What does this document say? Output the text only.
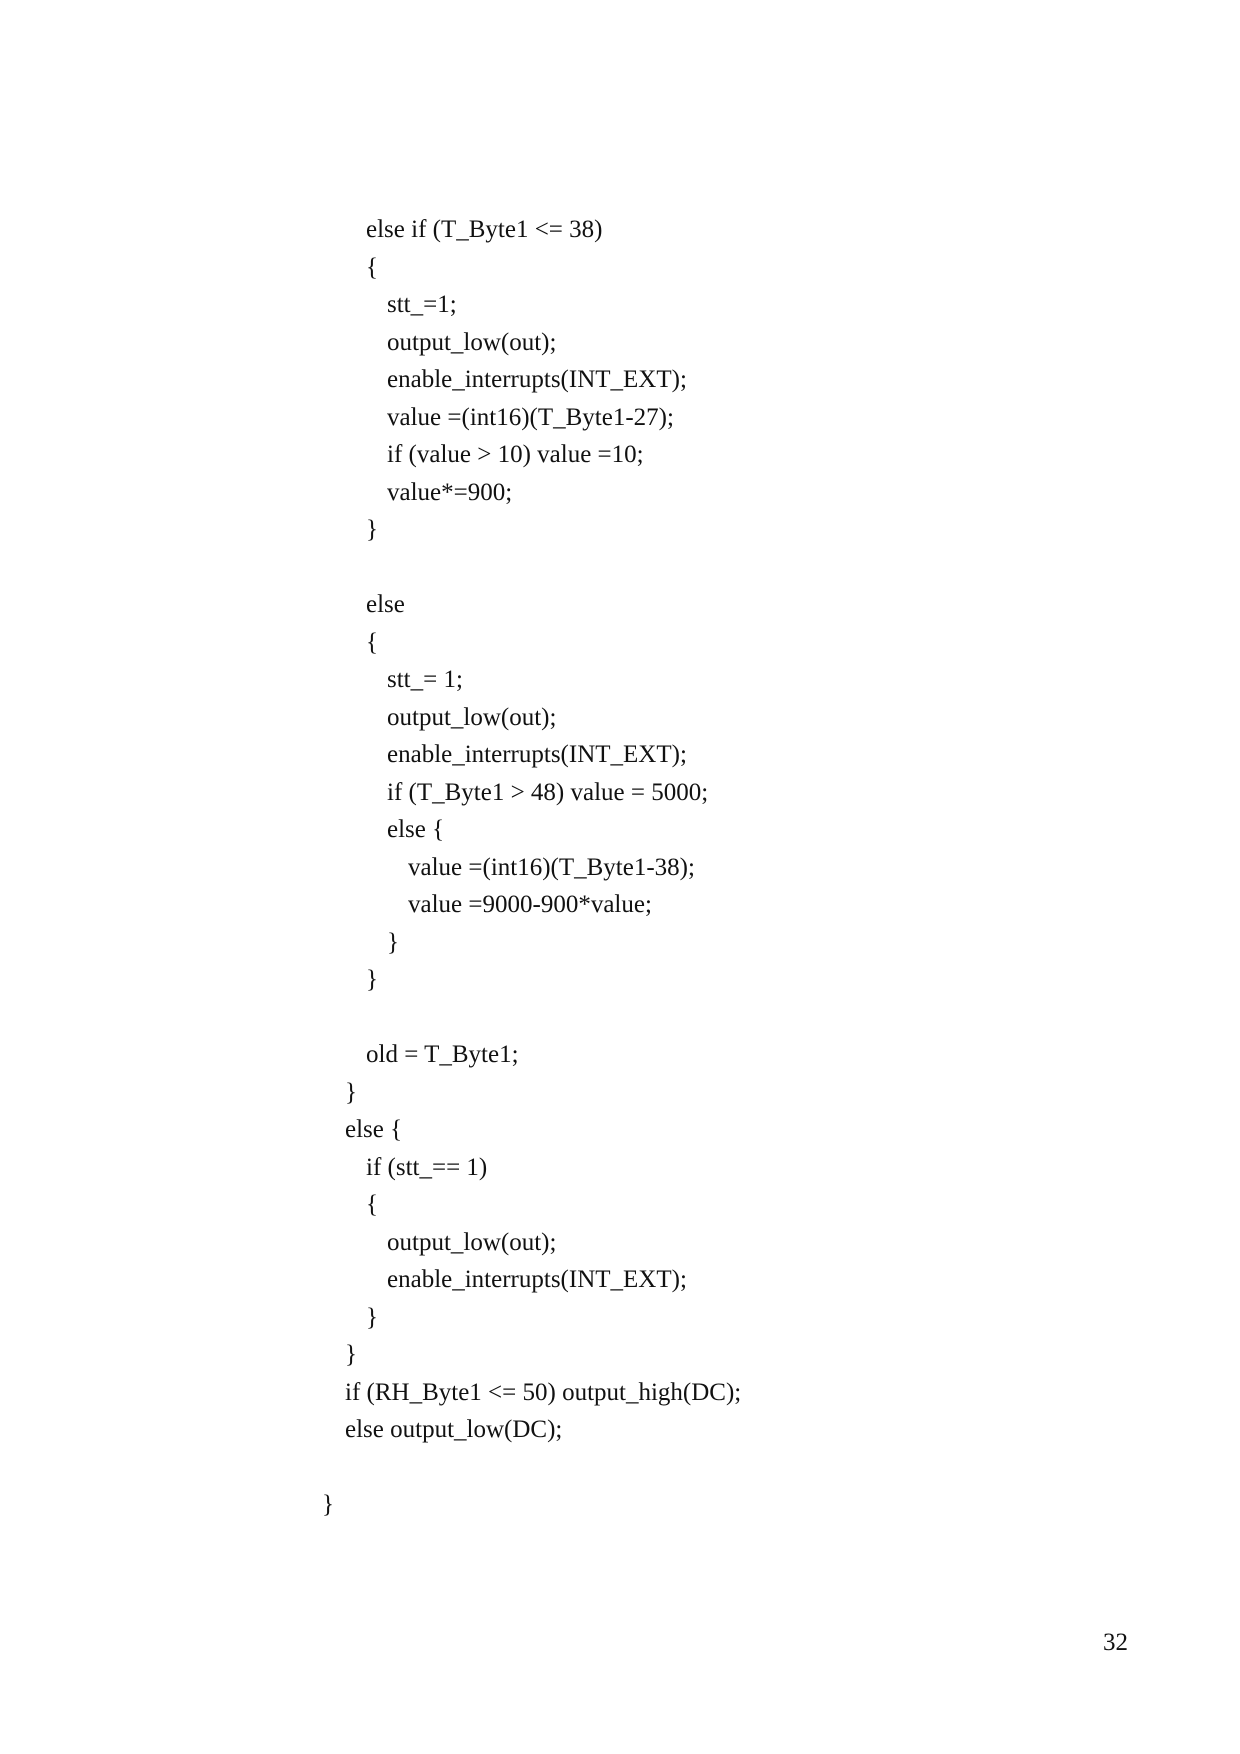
else if (T_Byte1 <= 38)
{
stt_=1;
output_low(out);
enable_interrupts(INT_EXT);
value =(int16)(T_Byte1-27);
if (value > 10) value =10;
value*=900;
}
else
{
stt_= 1;
output_low(out);
enable_interrupts(INT_EXT);
if (T_Byte1 > 48) value = 5000;
else {
value =(int16)(T_Byte1-38);
value =9000-900*value;
}
}
old = T_Byte1;
}
else {
if (stt_== 1)
{
output_low(out);
enable_interrupts(INT_EXT);
}
}
if (RH_Byte1 <= 50) output_high(DC);
else output_low(DC);
}
32
